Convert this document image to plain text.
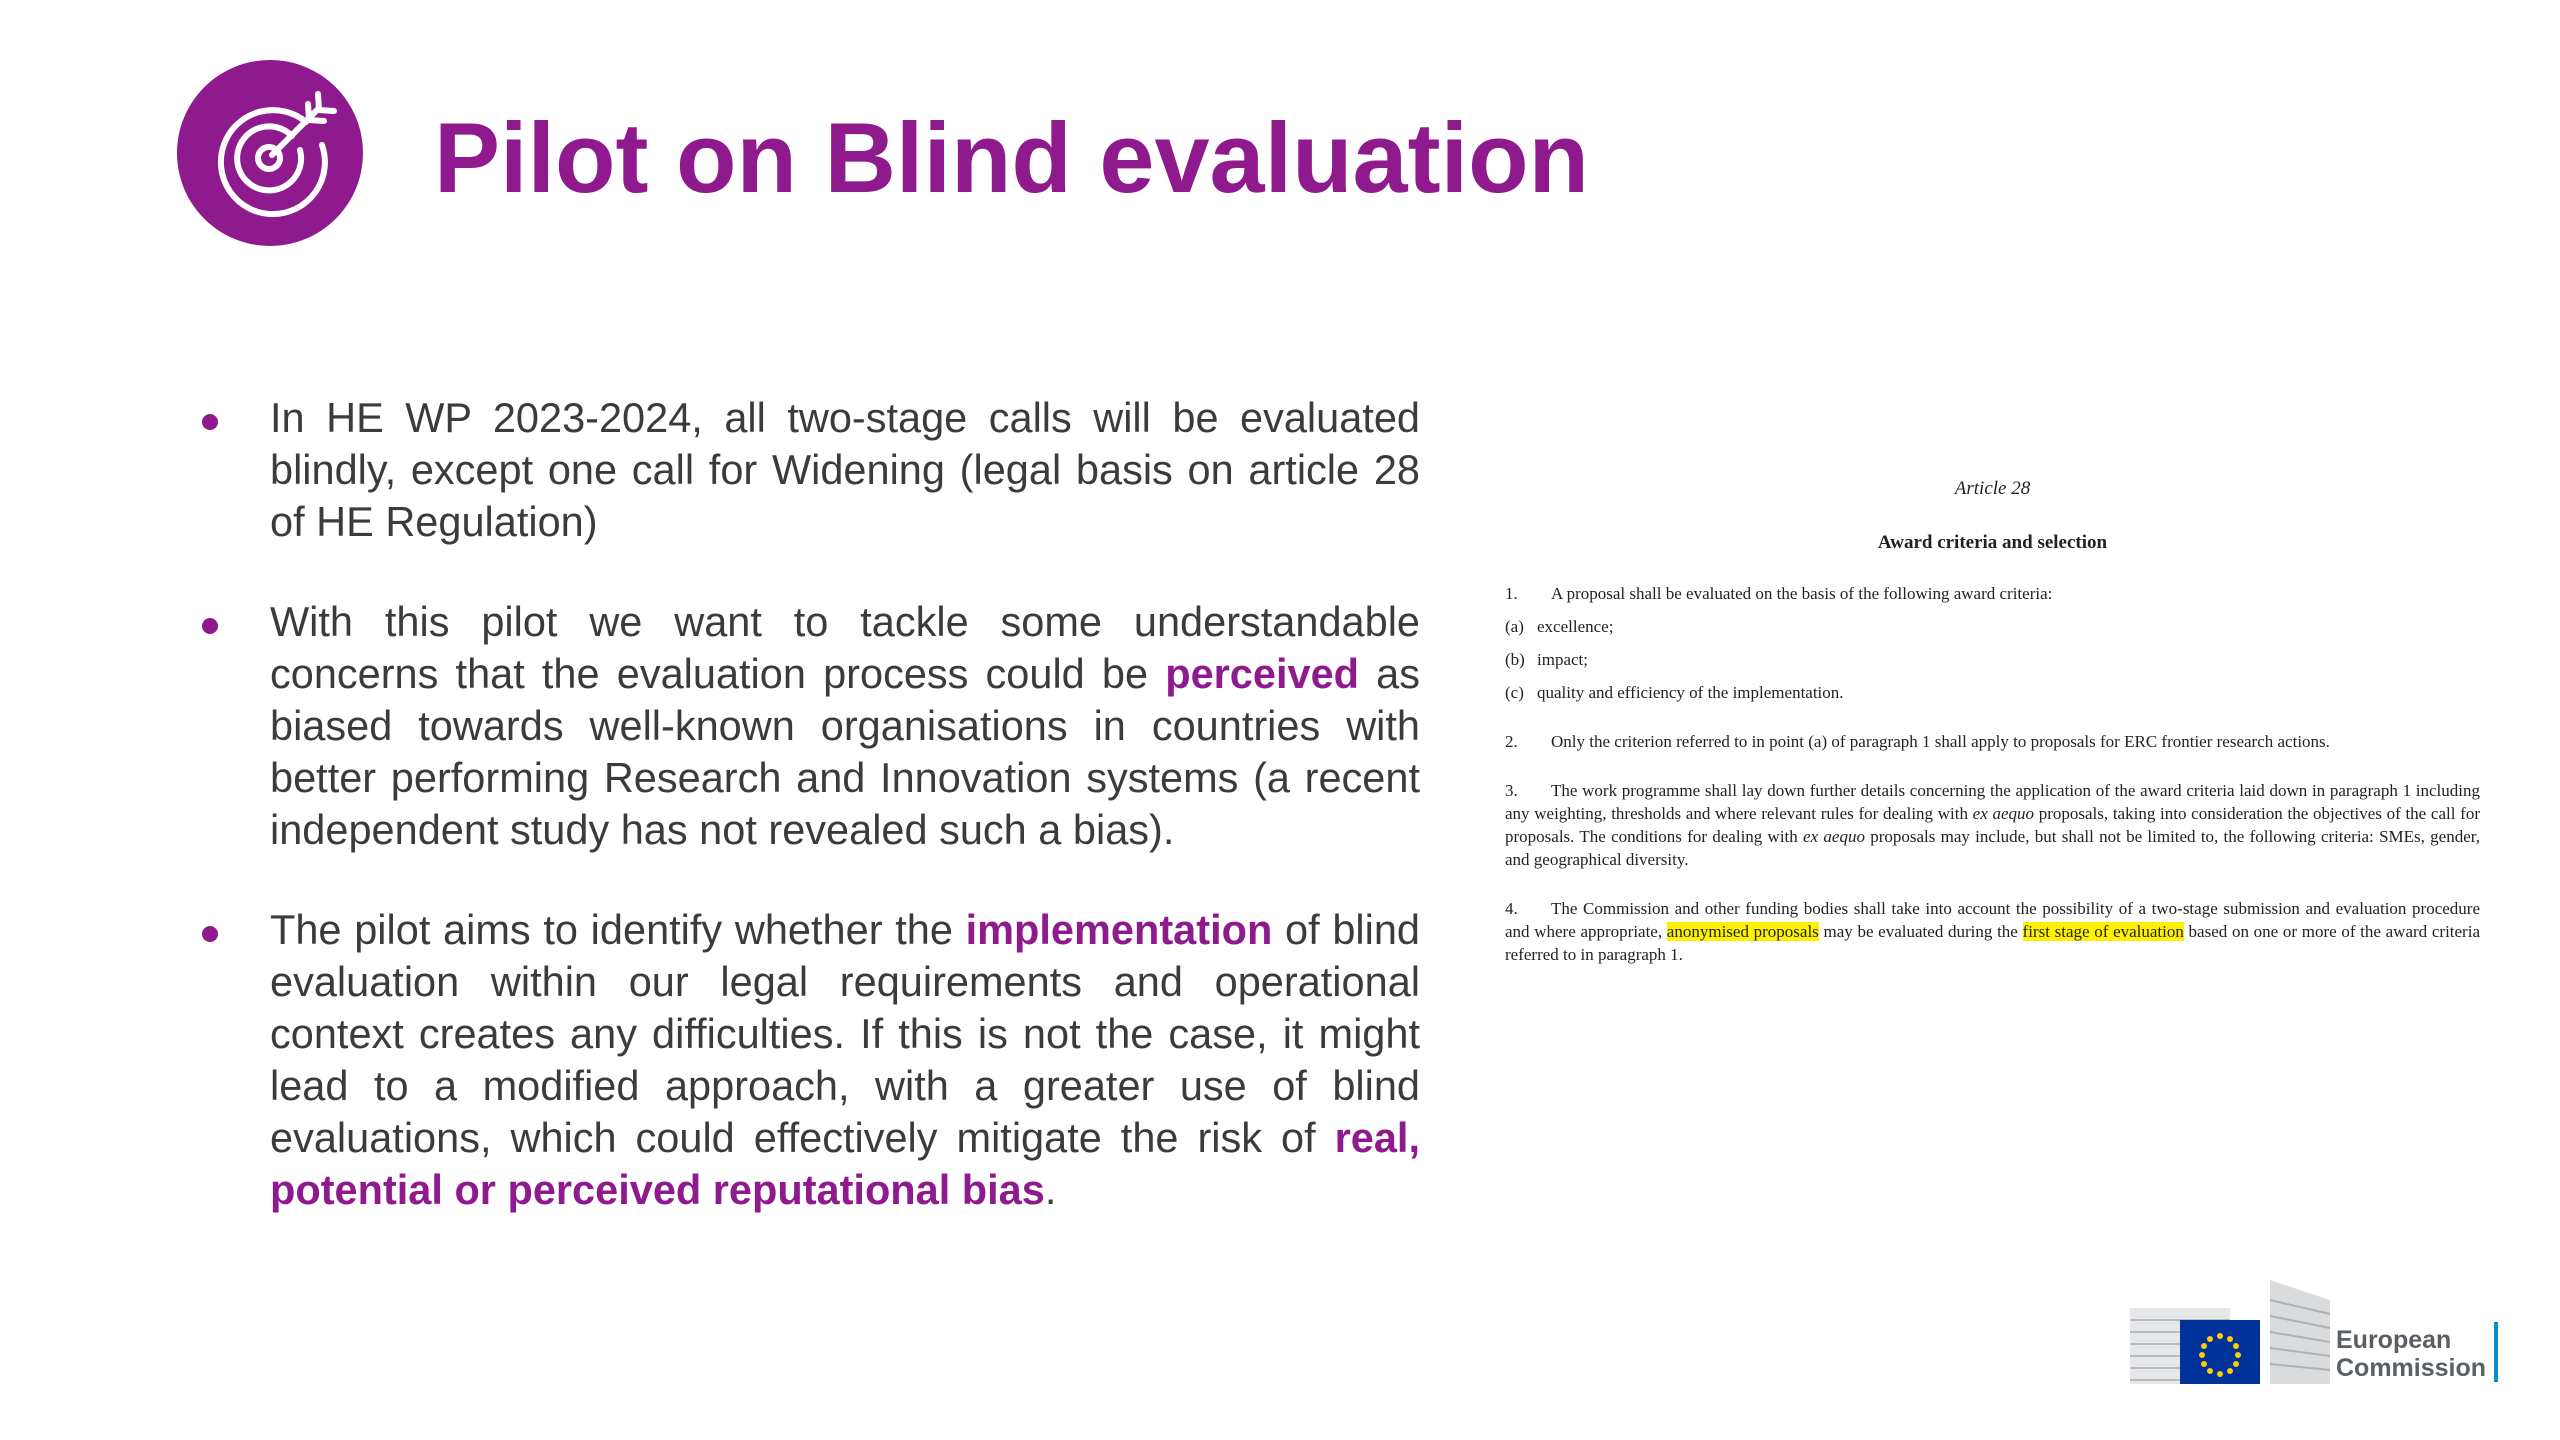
Pilot on Blind evaluation
In HE WP 2023-2024, all two-stage calls will be evaluated blindly, except one call for Widening (legal basis on article 28 of HE Regulation)
With this pilot we want to tackle some understandable concerns that the evaluation process could be perceived as biased towards well-known organisations in countries with better performing Research and Innovation systems (a recent independent study has not revealed such a bias).
The pilot aims to identify whether the implementation of blind evaluation within our legal requirements and operational context creates any difficulties. If this is not the case, it might lead to a modified approach, with a greater use of blind evaluations, which could effectively mitigate the risk of real, potential or perceived reputational bias.
Article 28
Award criteria and selection
1. A proposal shall be evaluated on the basis of the following award criteria:
(a) excellence;
(b) impact;
(c) quality and efficiency of the implementation.
2. Only the criterion referred to in point (a) of paragraph 1 shall apply to proposals for ERC frontier research actions.
3. The work programme shall lay down further details concerning the application of the award criteria laid down in paragraph 1 including any weighting, thresholds and where relevant rules for dealing with ex aequo proposals, taking into consideration the objectives of the call for proposals. The conditions for dealing with ex aequo proposals may include, but shall not be limited to, the following criteria: SMEs, gender, and geographical diversity.
4. The Commission and other funding bodies shall take into account the possibility of a two-stage submission and evaluation procedure and where appropriate, anonymised proposals may be evaluated during the first stage of evaluation based on one or more of the award criteria referred to in paragraph 1.
European
Commission
